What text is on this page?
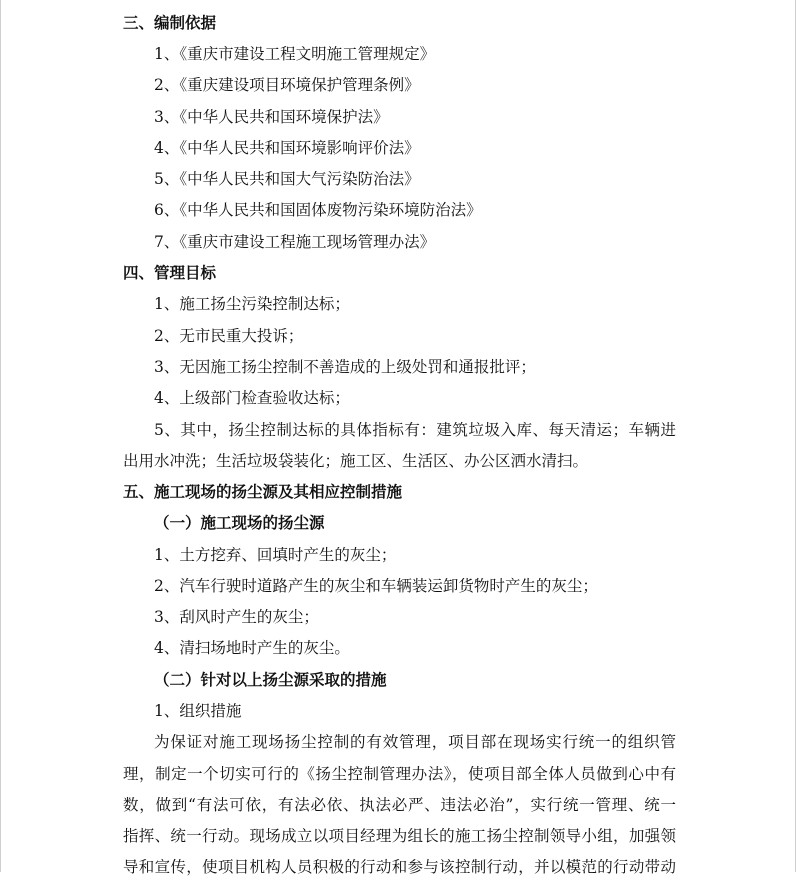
三、编制依据
1、《重庆市建设工程文明施工管理规定》
2、《重庆建设项目环境保护管理条例》
3、《中华人民共和国环境保护法》
4、《中华人民共和国环境影响评价法》
5、《中华人民共和国大气污染防治法》
6、《中华人民共和国固体废物污染环境防治法》
7、《重庆市建设工程施工现场管理办法》
四、管理目标
1、施工扬尘污染控制达标；
2、无市民重大投诉；
3、无因施工扬尘控制不善造成的上级处罚和通报批评；
4、上级部门检查验收达标；
5、其中，扬尘控制达标的具体指标有：建筑垃圾入库、每天清运；车辆进
出用水冲洗；生活垃圾袋装化；施工区、生活区、办公区洒水清扫。
五、施工现场的扬尘源及其相应控制措施
（一）施工现场的扬尘源
1、土方挖弃、回填时产生的灰尘；
2、汽车行驶时道路产生的灰尘和车辆装运卸货物时产生的灰尘；
3、刮风时产生的灰尘；
4、清扫场地时产生的灰尘。
（二）针对以上扬尘源采取的措施
1、组织措施
为保证对施工现场扬尘控制的有效管理，项目部在现场实行统一的组织管
理，制定一个切实可行的《扬尘控制管理办法》，使项目部全体人员做到心中有
数，做到“有法可依，有法必依、执法必严、违法必治”，实行统一管理、统一
指挥、统一行动。现场成立以项目经理为组长的施工扬尘控制领导小组，加强领
导和宣传，使项目机构人员积极的行动和参与该控制行动，并以模范的行动带动
